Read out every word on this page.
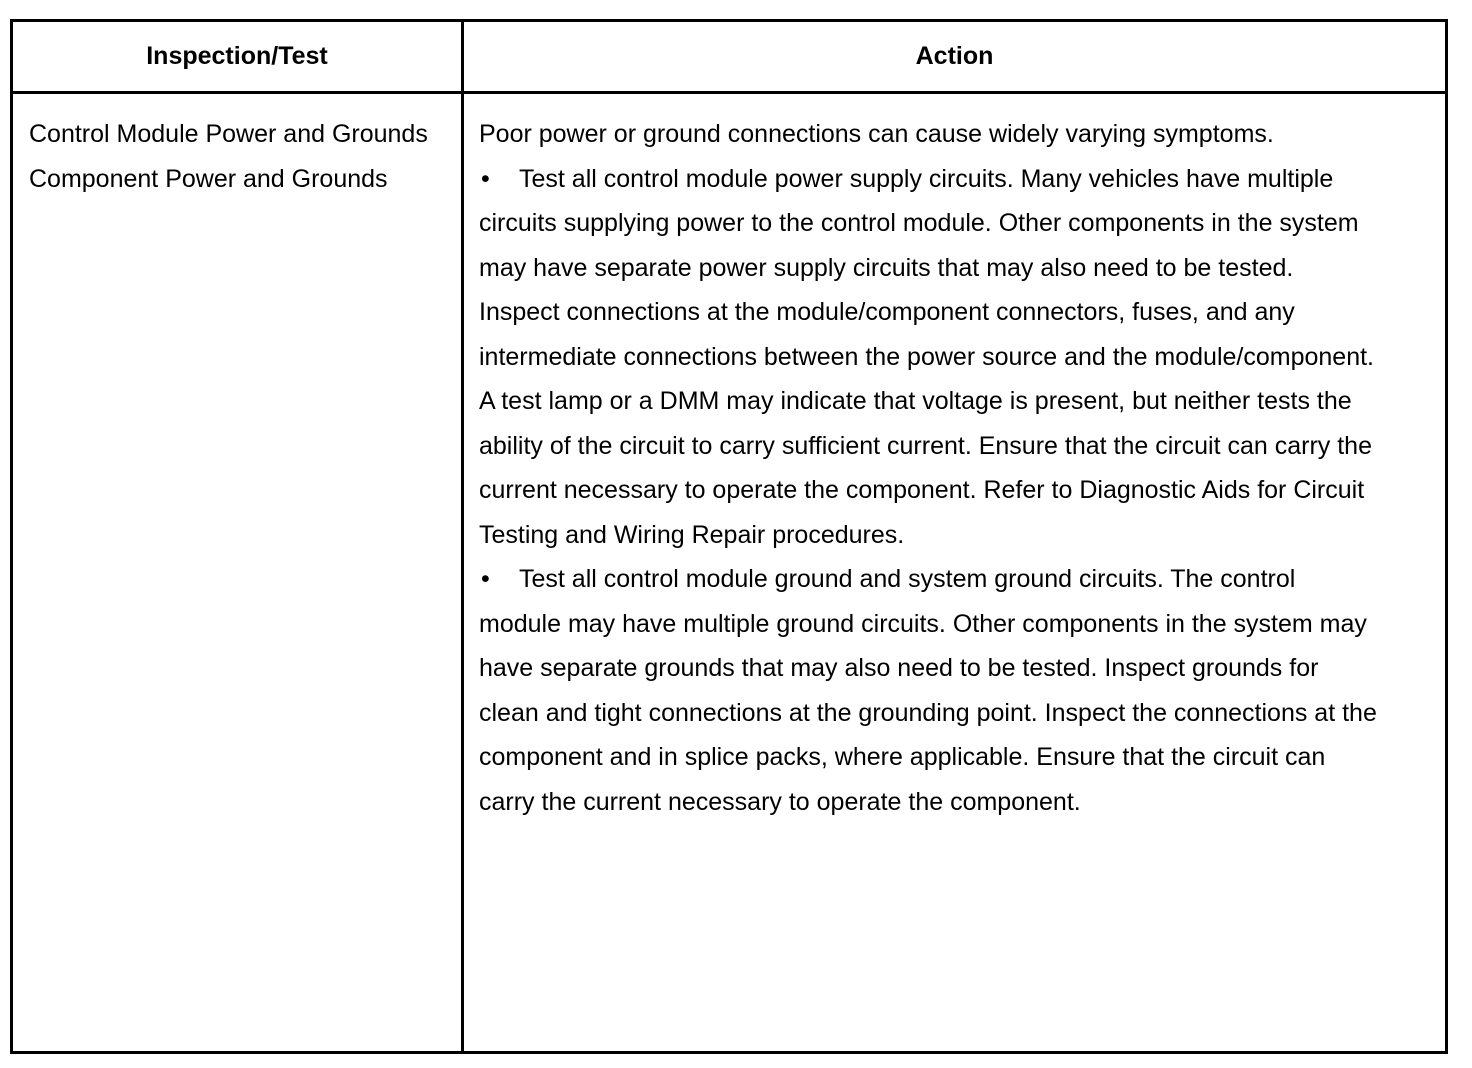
Inspection/Test	Action
Control Module Power and Grounds Component Power and Grounds

Poor power or ground connections can cause widely varying symptoms.

• Test all control module power supply circuits. Many vehicles have multiple circuits supplying power to the control module. Other components in the system may have separate power supply circuits that may also need to be tested. Inspect connections at the module/component connectors, fuses, and any intermediate connections between the power source and the module/component. A test lamp or a DMM may indicate that voltage is present, but neither tests the ability of the circuit to carry sufficient current. Ensure that the circuit can carry the current necessary to operate the component. Refer to Diagnostic Aids for Circuit Testing and Wiring Repair procedures.

• Test all control module ground and system ground circuits. The control module may have multiple ground circuits. Other components in the system may have separate grounds that may also need to be tested. Inspect grounds for clean and tight connections at the grounding point. Inspect the connections at the component and in splice packs, where applicable. Ensure that the circuit can carry the current necessary to operate the component.
